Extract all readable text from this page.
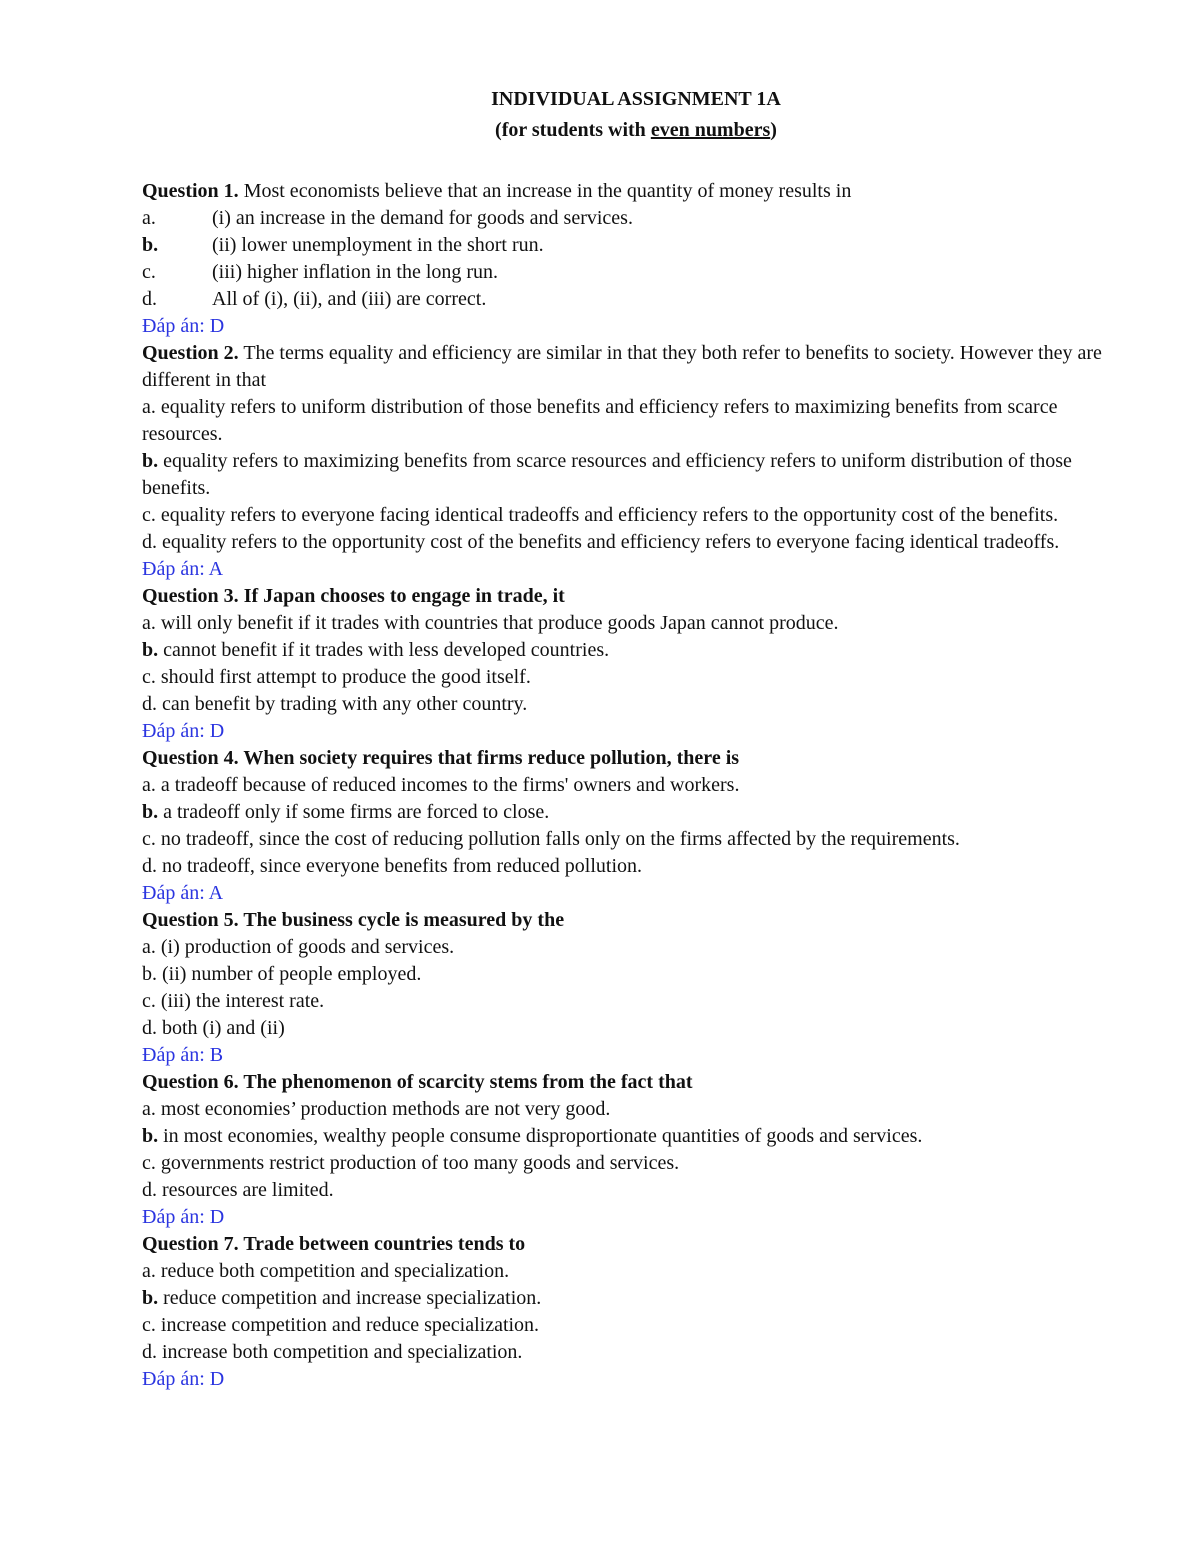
INDIVIDUAL ASSIGNMENT 1A
(for students with even numbers)
Question 1. Most economists believe that an increase in the quantity of money results in
a.	(i) an increase in the demand for goods and services.
b.	(ii) lower unemployment in the short run.
c.	(iii) higher inflation in the long run.
d.	All of (i), (ii), and (iii) are correct.
Đáp án: D
Question 2. The terms equality and efficiency are similar in that they both refer to benefits to society. However they are different in that
a. equality refers to uniform distribution of those benefits and efficiency refers to maximizing benefits from scarce resources.
b. equality refers to maximizing benefits from scarce resources and efficiency refers to uniform distribution of those benefits.
c. equality refers to everyone facing identical tradeoffs and efficiency refers to the opportunity cost of the benefits.
d. equality refers to the opportunity cost of the benefits and efficiency refers to everyone facing identical tradeoffs.
Đáp án: A
Question 3. If Japan chooses to engage in trade, it
a. will only benefit if it trades with countries that produce goods Japan cannot produce.
b. cannot benefit if it trades with less developed countries.
c. should first attempt to produce the good itself.
d. can benefit by trading with any other country.
Đáp án: D
Question 4. When society requires that firms reduce pollution, there is
a. a tradeoff because of reduced incomes to the firms' owners and workers.
b. a tradeoff only if some firms are forced to close.
c. no tradeoff, since the cost of reducing pollution falls only on the firms affected by the requirements.
d. no tradeoff, since everyone benefits from reduced pollution.
Đáp án: A
Question 5. The business cycle is measured by the
a. (i) production of goods and services.
b. (ii) number of people employed.
c. (iii) the interest rate.
d. both (i) and (ii)
Đáp án: B
Question 6. The phenomenon of scarcity stems from the fact that
a. most economies’ production methods are not very good.
b. in most economies, wealthy people consume disproportionate quantities of goods and services.
c. governments restrict production of too many goods and services.
d. resources are limited.
Đáp án: D
Question 7. Trade between countries tends to
a. reduce both competition and specialization.
b. reduce competition and increase specialization.
c. increase competition and reduce specialization.
d. increase both competition and specialization.
Đáp án: D
